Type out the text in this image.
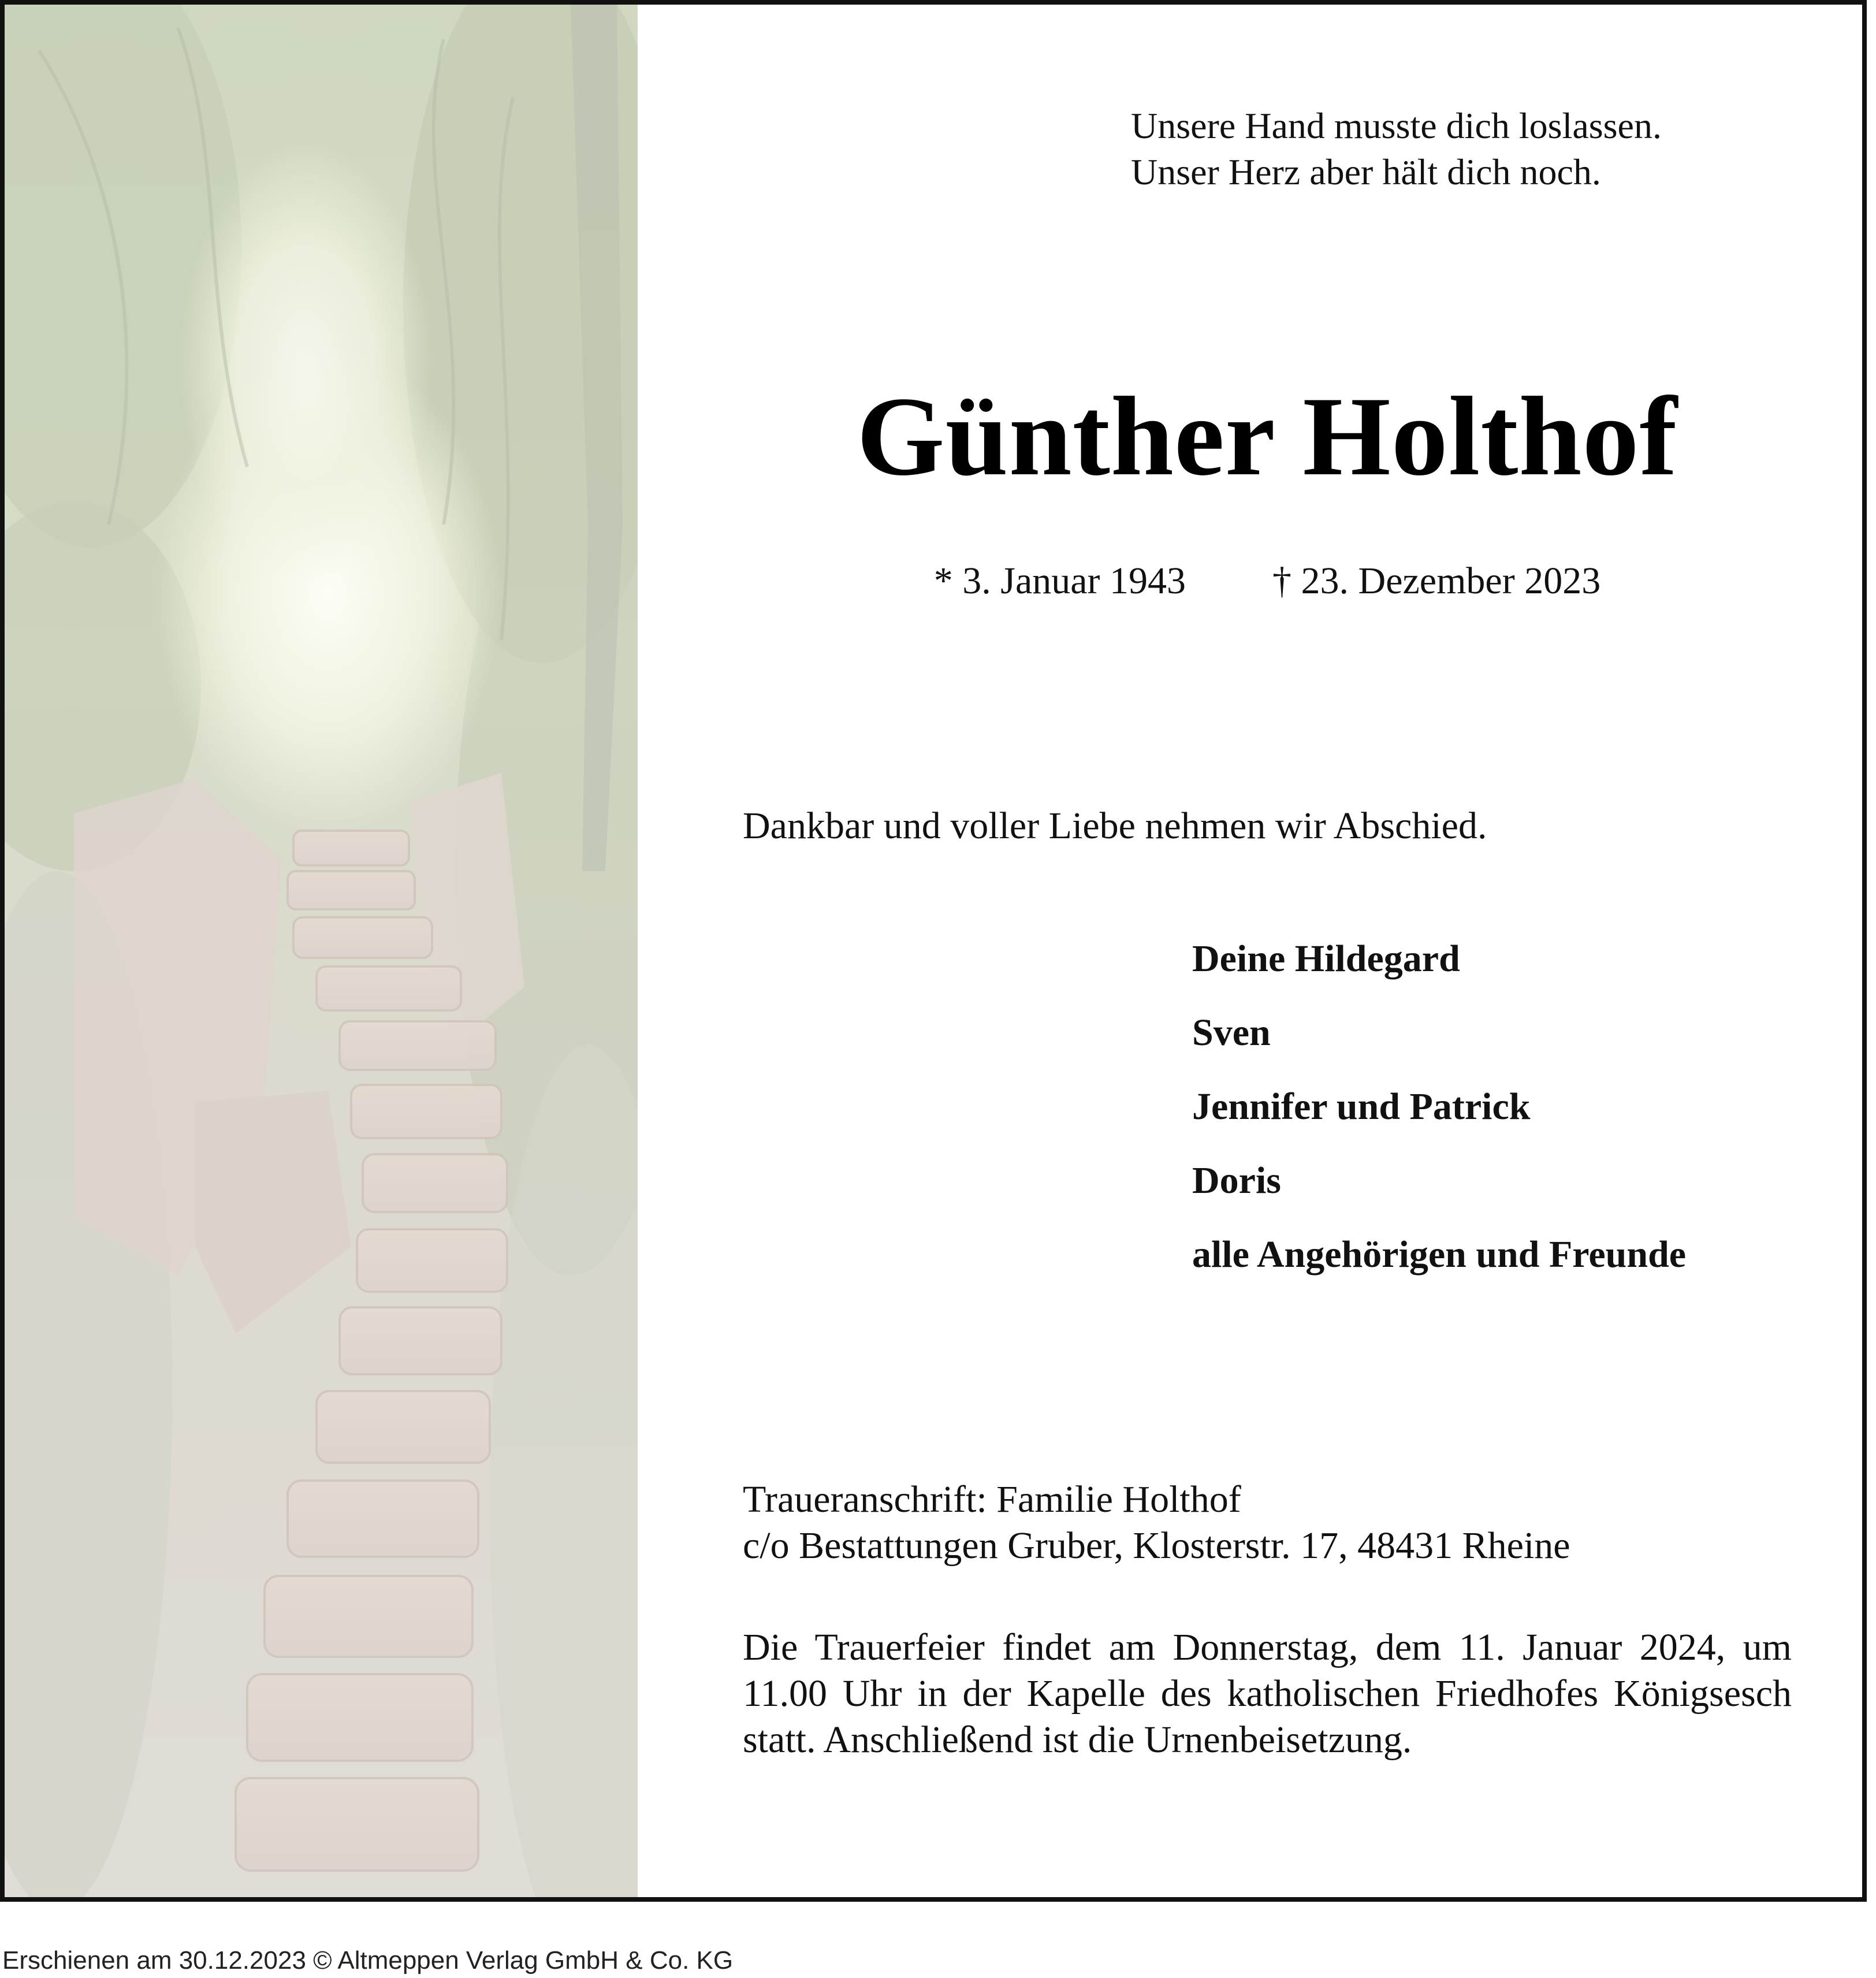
Unsere Hand musste dich loslassen.
Unser Herz aber hält dich noch.
Günther Holthof
* 3. Januar 1943 † 23. Dezember 2023
Dankbar und voller Liebe nehmen wir Abschied.
Deine Hildegard
Sven
Jennifer und Patrick
Doris
alle Angehörigen und Freunde
Traueranschrift: Familie Holthof
c/o Bestattungen Gruber, Klosterstr. 17, 48431 Rheine
Die Trauerfeier findet am Donnerstag, dem 11. Januar 2024, um 11.00 Uhr in der Kapelle des katholischen Friedhofes Königsesch statt. Anschließend ist die Urnenbeisetzung.
Erschienen am 30.12.2023 © Altmeppen Verlag GmbH & Co. KG
